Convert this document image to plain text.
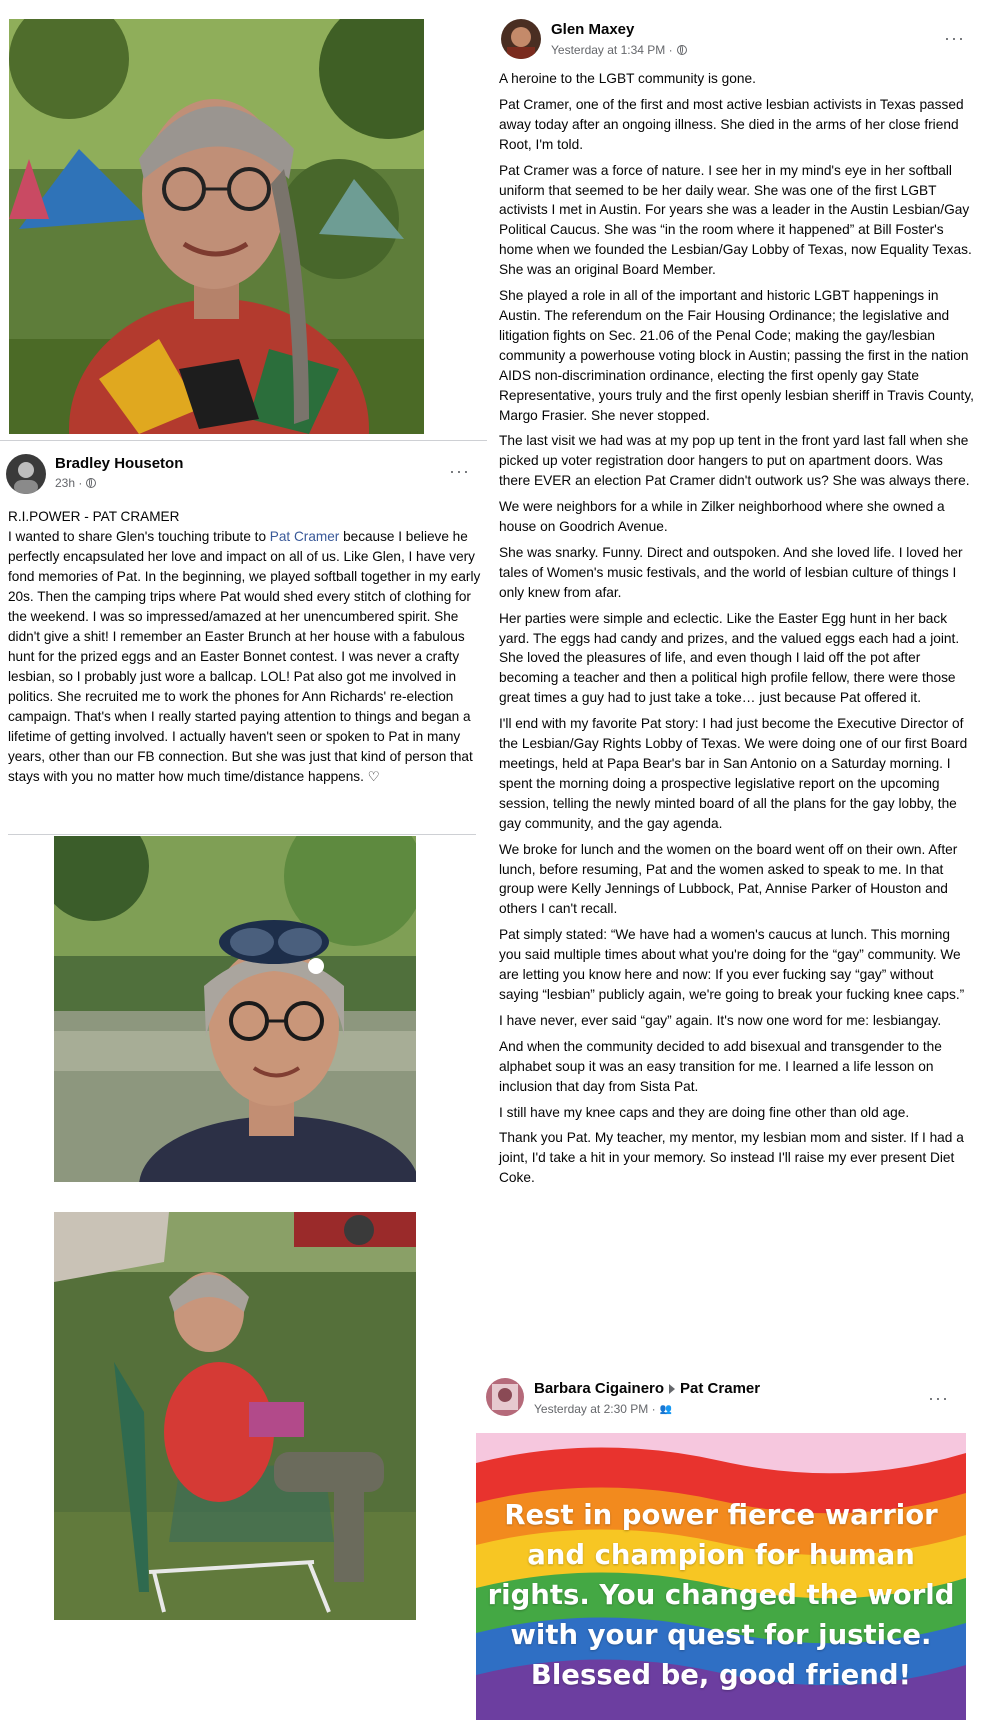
Bradley Houseton
23h ·
···

R.I.POWER - PAT CRAMER

I wanted to share Glen's touching tribute to Pat Cramer because I believe he perfectly encapsulated her love and impact on all of us. Like Glen, I have very fond memories of Pat. In the beginning, we played softball together in my early 20s. Then the camping trips where Pat would shed every stitch of clothing for the weekend. I was so impressed/amazed at her unencumbered spirit. She didn't give a shit! I remember an Easter Brunch at her house with a fabulous hunt for the prized eggs and an Easter Bonnet contest. I was never a crafty lesbian, so I probably just wore a ballcap. LOL! Pat also got me involved in politics. She recruited me to work the phones for Ann Richards' re-election campaign. That's when I really started paying attention to things and began a lifetime of getting involved. I actually haven't seen or spoken to Pat in many years, other than our FB connection. But she was just that kind of person that stays with you no matter how much time/distance happens. ♡

Glen Maxey
Yesterday at 1:34 PM ·
···

A heroine to the LGBT community is gone.

Pat Cramer, one of the first and most active lesbian activists in Texas passed away today after an ongoing illness. She died in the arms of her close friend Root, I'm told.

Pat Cramer was a force of nature. I see her in my mind's eye in her softball uniform that seemed to be her daily wear. She was one of the first LGBT activists I met in Austin. For years she was a leader in the Austin Lesbian/Gay Political Caucus. She was “in the room where it happened” at Bill Foster's home when we founded the Lesbian/Gay Lobby of Texas, now Equality Texas. She was an original Board Member.

She played a role in all of the important and historic LGBT happenings in Austin. The referendum on the Fair Housing Ordinance; the legislative and litigation fights on Sec. 21.06 of the Penal Code; making the gay/lesbian community a powerhouse voting block in Austin; passing the first in the nation AIDS non-discrimination ordinance, electing the first openly gay State Representative, yours truly and the first openly lesbian sheriff in Travis County, Margo Frasier. She never stopped.

The last visit we had was at my pop up tent in the front yard last fall when she picked up voter registration door hangers to put on apartment doors. Was there EVER an election Pat Cramer didn't outwork us? She was always there.

We were neighbors for a while in Zilker neighborhood where she owned a house on Goodrich Avenue.

She was snarky. Funny. Direct and outspoken. And she loved life. I loved her tales of Women's music festivals, and the world of lesbian culture of things I only knew from afar.

Her parties were simple and eclectic. Like the Easter Egg hunt in her back yard. The eggs had candy and prizes, and the valued eggs each had a joint. She loved the pleasures of life, and even though I laid off the pot after becoming a teacher and then a political high profile fellow, there were those great times a guy had to just take a toke… just because Pat offered it.

I'll end with my favorite Pat story: I had just become the Executive Director of the Lesbian/Gay Rights Lobby of Texas. We were doing one of our first Board meetings, held at Papa Bear's bar in San Antonio on a Saturday morning. I spent the morning doing a prospective legislative report on the upcoming session, telling the newly minted board of all the plans for the gay lobby, the gay community, and the gay agenda.

We broke for lunch and the women on the board went off on their own. After lunch, before resuming, Pat and the women asked to speak to me. In that group were Kelly Jennings of Lubbock, Pat, Annise Parker of Houston and others I can't recall.

Pat simply stated: “We have had a women's caucus at lunch. This morning you said multiple times about what you're doing for the “gay” community. We are letting you know here and now: If you ever fucking say “gay” without saying “lesbian” publicly again, we're going to break your fucking knee caps.”

I have never, ever said “gay” again. It's now one word for me: lesbiangay.

And when the community decided to add bisexual and transgender to the alphabet soup it was an easy transition for me. I learned a life lesson on inclusion that day from Sista Pat.

I still have my knee caps and they are doing fine other than old age.

Thank you Pat. My teacher, my mentor, my lesbian mom and sister. If I had a joint, I'd take a hit in your memory. So instead I'll raise my ever present Diet Coke.

Barbara Cigainero Pat Cramer
Yesterday at 2:30 PM · 👥
···
Rest in power fierce warrior
and champion for human
rights. You changed the world
with your quest for justice.
Blessed be, good friend!
